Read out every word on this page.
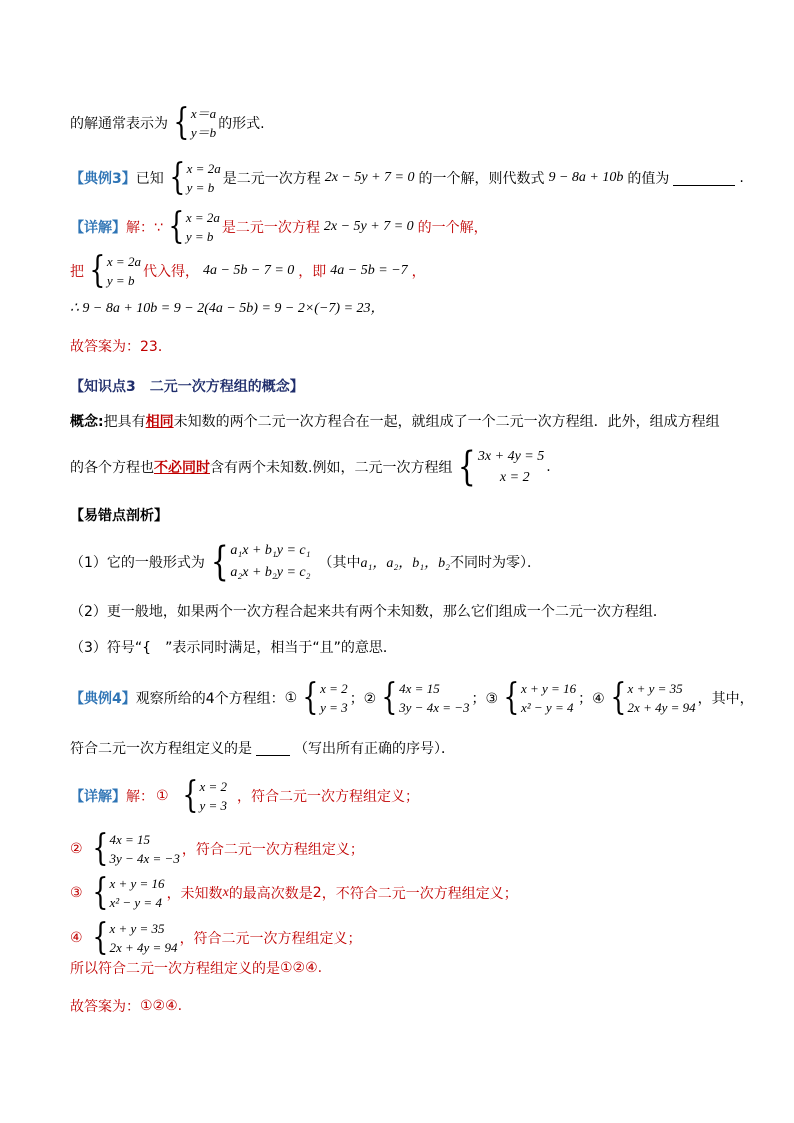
的解通常表示为 { x＝a
y＝b
的形式.
【典例3】 已知 { x = 2a
y = b
是二元一次方程 2x − 5y + 7 = 0 的一个解，则代数式 9 − 8a + 10b 的值为	.
【详解】 解：∵ { x = 2a
y = b
是二元一次方程 2x − 5y + 7 = 0 的一个解，
把 { x = 2a
y = b
代入得， 4a − 5b − 7 = 0 ，即 4a − 5b = −7 ，
∴ 9 − 8a + 10b = 9 − 2(4a − 5b) = 9 − 2×(−7) = 23，
故答案为：23．
【知识点3　二元一次方程组的概念】
概念: 把具有 相同 未知数的两个二元一次方程合在一起，就组成了一个二元一次方程组．此外，组成方程组
的各个方程也 不必同时 含有两个未知数.例如，二元一次方程组 { 3x + 4y = 5
x = 2
.
【易错点剖析】
（1）它的一般形式为 { a₁x + b₁y = c₁
a₂x + b₂y = c₂
（其中 a₁，a₂，b₁，b₂ 不同时为零）．
（2）更一般地，如果两个一次方程合起来共有两个未知数，那么它们组成一个二元一次方程组．
（3）符号“{　”表示同时满足，相当于“且”的意思．
【典例4】 观察所给的4个方程组： ① { x = 2
y = 3
；② { 4x = 15
3y − 4x = −3
；③ { x + y = 16
x² − y = 4
；④ { x + y = 35
2x + 4y = 94
，其中，
符合二元一次方程组定义的是	（写出所有正确的序号）．
【详解】 解： ① { x = 2
y = 3
，符合二元一次方程组定义；
② { 4x = 15
3y − 4x = −3
，符合二元一次方程组定义；
③ { x + y = 16
x² − y = 4
，未知数 x 的最高次数是 2 ，不符合二元一次方程组定义；
④ { x + y = 35
2x + 4y = 94
，符合二元一次方程组定义；
所以符合二元一次方程组定义的是 ①②④ .
故答案为： ①②④ .
